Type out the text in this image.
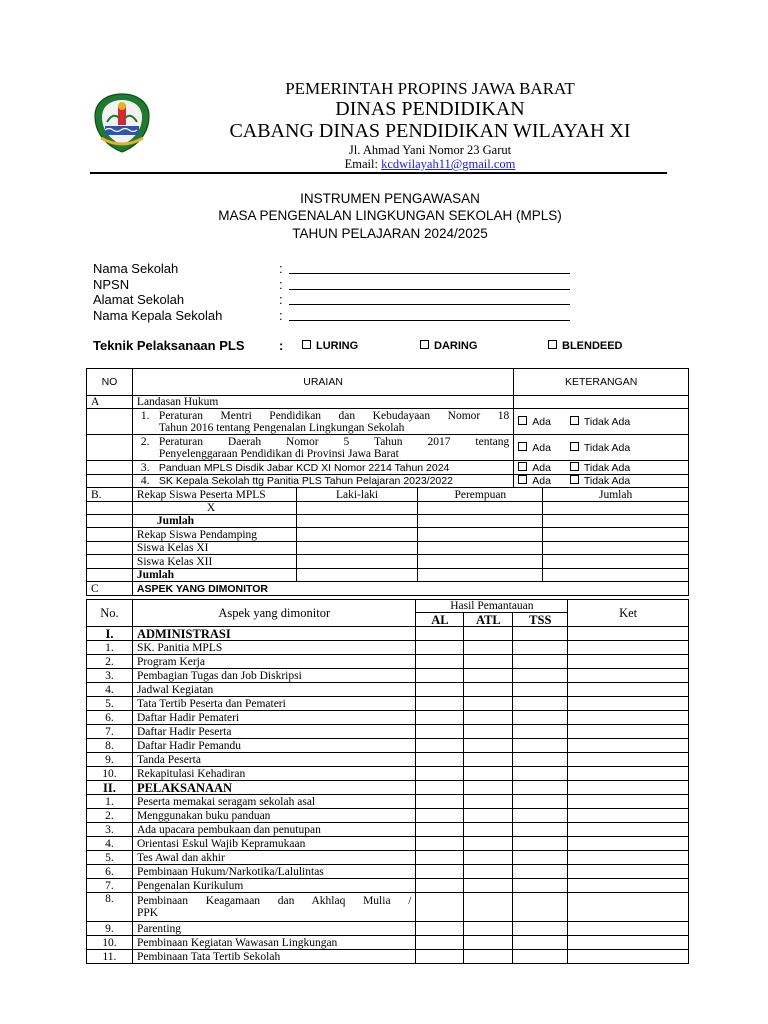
PEMERINTAH PROPINS JAWA BARAT
DINAS PENDIDIKAN
CABANG DINAS PENDIDIKAN WILAYAH XI
Jl. Ahmad Yani Nomor 23 Garut
Email: kcdwilayah11@gmail.com
INSTRUMEN PENGAWASAN
MASA PENGENALAN LINGKUNGAN SEKOLAH (MPLS)
TAHUN PELAJARAN 2024/2025
Nama Sekolah	:
NPSN	:
Alamat Sekolah	:
Nama Kepala Sekolah	:
Teknik Pelaksanaan PLS	:	LURING	DARING	BLENDEED
NO	URAIAN			KETERANGAN	
A	Landasan Hukum				

	1. Peraturan Mentri Pendidikan dan Kebudayaan Nomor 18
Tahun 2016 tentang Pengenalan Lingkungan Sekolah			Ada Tidak Ada	

	2. Peraturan Daerah Nomor 5 Tahun 2017 tentang
Penyelenggaraan Pendidikan di Provinsi Jawa Barat			Ada Tidak Ada	

	3. Panduan MPLS Disdik Jabar KCD XI Nomor 2214 Tahun 2024			Ada Tidak Ada	

	4. SK Kepala Sekolah ttg Panitia PLS Tahun Pelajaran 2023/2022			Ada Tidak Ada	
B.	Rekap Siswa Peserta MPLS	Laki-laki	Perempuan		Jumlah
	X				
	Jumlah				
	Rekap Siswa Pendamping				
	Siswa Kelas XI				
	Siswa Kelas XII				
	Jumlah				
C	ASPEK YANG DIMONITOR				
No.	Aspek yang dimonitor	Hasil Pemantauan			Ket
		AL	ATL	TSS	
I.	ADMINISTRASI				
1.	SK. Panitia MPLS				
2.	Program Kerja				
3.	Pembagian Tugas dan Job Diskripsi				
4.	Jadwal Kegiatan				
5.	Tata Tertib Peserta dan Pemateri				
6.	Daftar Hadir Pemateri				
7.	Daftar Hadir Peserta				
8.	Daftar Hadir Pemandu				
9.	Tanda Peserta				
10.	Rekapitulasi Kehadiran				
II.	PELAKSANAAN				
1.	Peserta memakai seragam sekolah asal				
2.	Menggunakan buku panduan				
3.	Ada upacara pembukaan dan penutupan				
4.	Orientasi Eskul Wajib Kepramukaan				
5.	Tes Awal dan akhir				
6.	Pembinaan Hukum/Narkotika/Lalulintas				
7.	Pengenalan Kurikulum				
8.	Pembinaan Keagamaan dan Akhlaq Mulia /
PPK				

9.	Parenting				
10.	Pembinaan Kegiatan Wawasan Lingkungan				
11.	Pembinaan Tata Tertib Sekolah				
